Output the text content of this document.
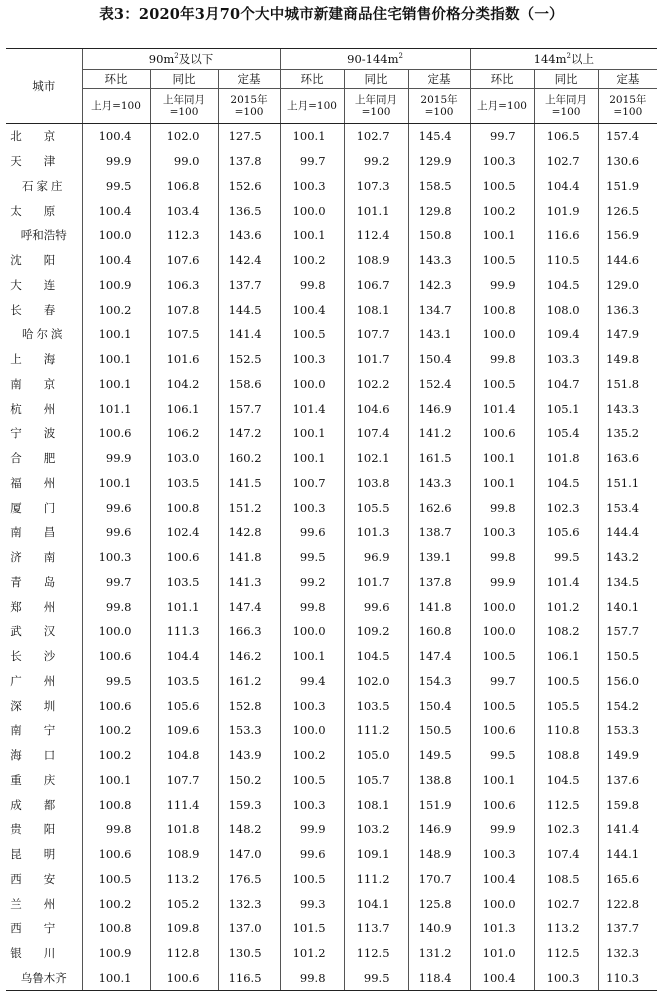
表3：2020年3月70个大中城市新建商品住宅销售价格分类指数（一）
城市	$90m^2$及以下			$90-144m^2$			$144m^2$以上		
	环比	同比	定基	环比	同比	定基	环比	同比	定基
	上月=100	上年同月=100	2015年=100	上月=100	上年同月=100	2015年=100	上月=100	上年同月=100	2015年=100
北京	100.4	102.0	127.5	100.1	102.7	145.4	99.7	106.5	157.4
天津	99.9	99.0	137.8	99.7	99.2	129.9	100.3	102.7	130.6
石家庄	99.5	106.8	152.6	100.3	107.3	158.5	100.5	104.4	151.9
太原	100.4	103.4	136.5	100.0	101.1	129.8	100.2	101.9	126.5
呼和浩特	100.0	112.3	143.6	100.1	112.4	150.8	100.1	116.6	156.9
沈阳	100.4	107.6	142.4	100.2	108.9	143.3	100.5	110.5	144.6
大连	100.9	106.3	137.7	99.8	106.7	142.3	99.9	104.5	129.0
长春	100.2	107.8	144.5	100.4	108.1	134.7	100.8	108.0	136.3
哈尔滨	100.1	107.5	141.4	100.5	107.7	143.1	100.0	109.4	147.9
上海	100.1	101.6	152.5	100.3	101.7	150.4	99.8	103.3	149.8
南京	100.1	104.2	158.6	100.0	102.2	152.4	100.5	104.7	151.8
杭州	101.1	106.1	157.7	101.4	104.6	146.9	101.4	105.1	143.3
宁波	100.6	106.2	147.2	100.1	107.4	141.2	100.6	105.4	135.2
合肥	99.9	103.0	160.2	100.1	102.1	161.5	100.1	101.8	163.6
福州	100.1	103.5	141.5	100.7	103.8	143.3	100.1	104.5	151.1
厦门	99.6	100.8	151.2	100.3	105.5	162.6	99.8	102.3	153.4
南昌	99.6	102.4	142.8	99.6	101.3	138.7	100.3	105.6	144.4
济南	100.3	100.6	141.8	99.5	96.9	139.1	99.8	99.5	143.2
青岛	99.7	103.5	141.3	99.2	101.7	137.8	99.9	101.4	134.5
郑州	99.8	101.1	147.4	99.8	99.6	141.8	100.0	101.2	140.1
武汉	100.0	111.3	166.3	100.0	109.2	160.8	100.0	108.2	157.7
长沙	100.6	104.4	146.2	100.1	104.5	147.4	100.5	106.1	150.5
广州	99.5	103.5	161.2	99.4	102.0	154.3	99.7	100.5	156.0
深圳	100.6	105.6	152.8	100.3	103.5	150.4	100.5	105.5	154.2
南宁	100.2	109.6	153.3	100.0	111.2	150.5	100.6	110.8	153.3
海口	100.2	104.8	143.9	100.2	105.0	149.5	99.5	108.8	149.9
重庆	100.1	107.7	150.2	100.5	105.7	138.8	100.1	104.5	137.6
成都	100.8	111.4	159.3	100.3	108.1	151.9	100.6	112.5	159.8
贵阳	99.8	101.8	148.2	99.9	103.2	146.9	99.9	102.3	141.4
昆明	100.6	108.9	147.0	99.6	109.1	148.9	100.3	107.4	144.1
西安	100.5	113.2	176.5	100.5	111.2	170.7	100.4	108.5	165.6
兰州	100.2	105.2	132.3	99.3	104.1	125.8	100.0	102.7	122.8
西宁	100.8	109.8	137.0	101.5	113.7	140.9	101.3	113.2	137.7
银川	100.9	112.8	130.5	101.2	112.5	131.2	101.0	112.5	132.3
乌鲁木齐	100.1	100.6	116.5	99.8	99.5	118.4	100.4	100.3	110.3
